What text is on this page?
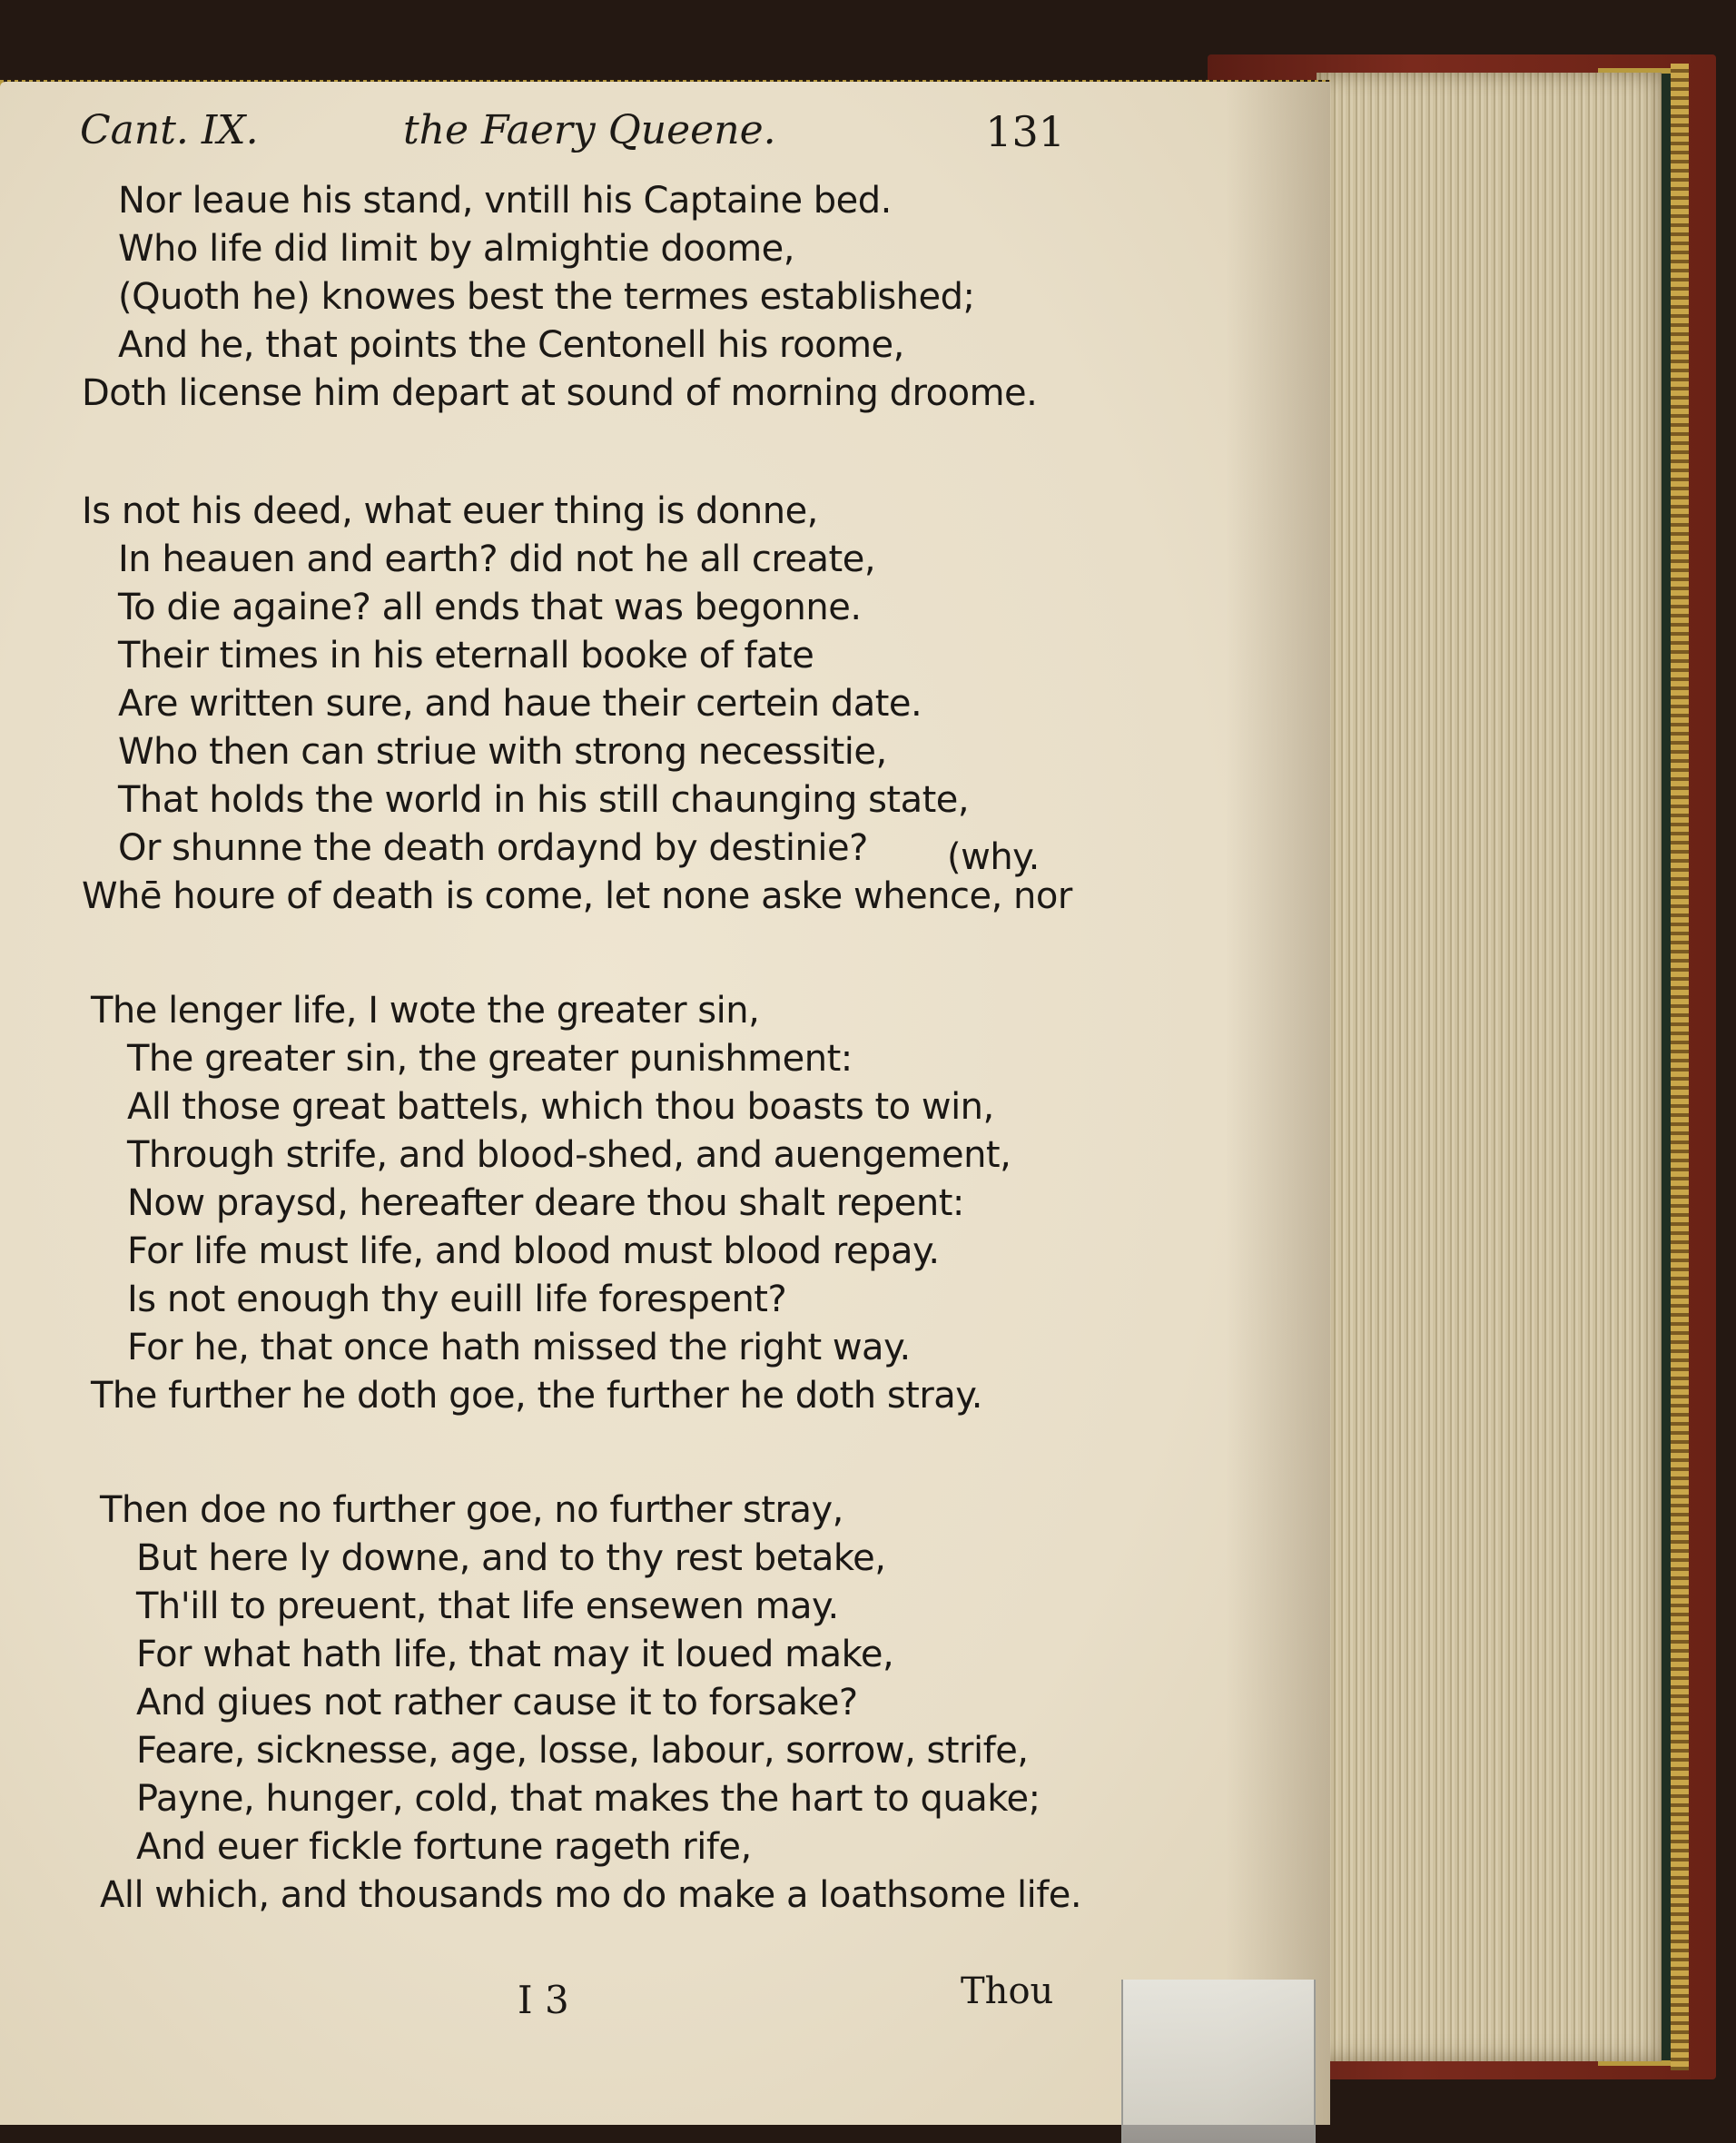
Cant. IX.	the Faery Queene.	131
Nor leaue his stand, vntill his Captaine bed.
Who life did limit by almightie doome,
(Quoth he) knowes best the termes established;
And he, that points the Centonell his roome,
Doth license him depart at sound of morning droome.
Is not his deed, what euer thing is donne,
In heauen and earth? did not he all create,
To die againe? all ends that was begonne.
Their times in his eternall booke of fate
Are written sure, and haue their certein date.
Who then can striue with strong necessitie,
That holds the world in his still chaunging state,
Or shunne the death ordaynd by destinie? (why.
Whē houre of death is come, let none aske whence, nor
The lenger life, I wote the greater sin,
The greater sin, the greater punishment:
All those great battels, which thou boasts to win,
Through strife, and blood-shed, and auengement,
Now praysd, hereafter deare thou shalt repent:
For life must life, and blood must blood repay.
Is not enough thy euill life forespent?
For he, that once hath missed the right way.
The further he doth goe, the further he doth stray.
Then doe no further goe, no further stray,
But here ly downe, and to thy rest betake,
Th'ill to preuent, that life ensewen may.
For what hath life, that may it loued make,
And giues not rather cause it to forsake?
Feare, sicknesse, age, losse, labour, sorrow, strife,
Payne, hunger, cold, that makes the hart to quake;
And euer fickle fortune rageth rife,
All which, and thousands mo do make a loathsome life.
I 3	Thou
